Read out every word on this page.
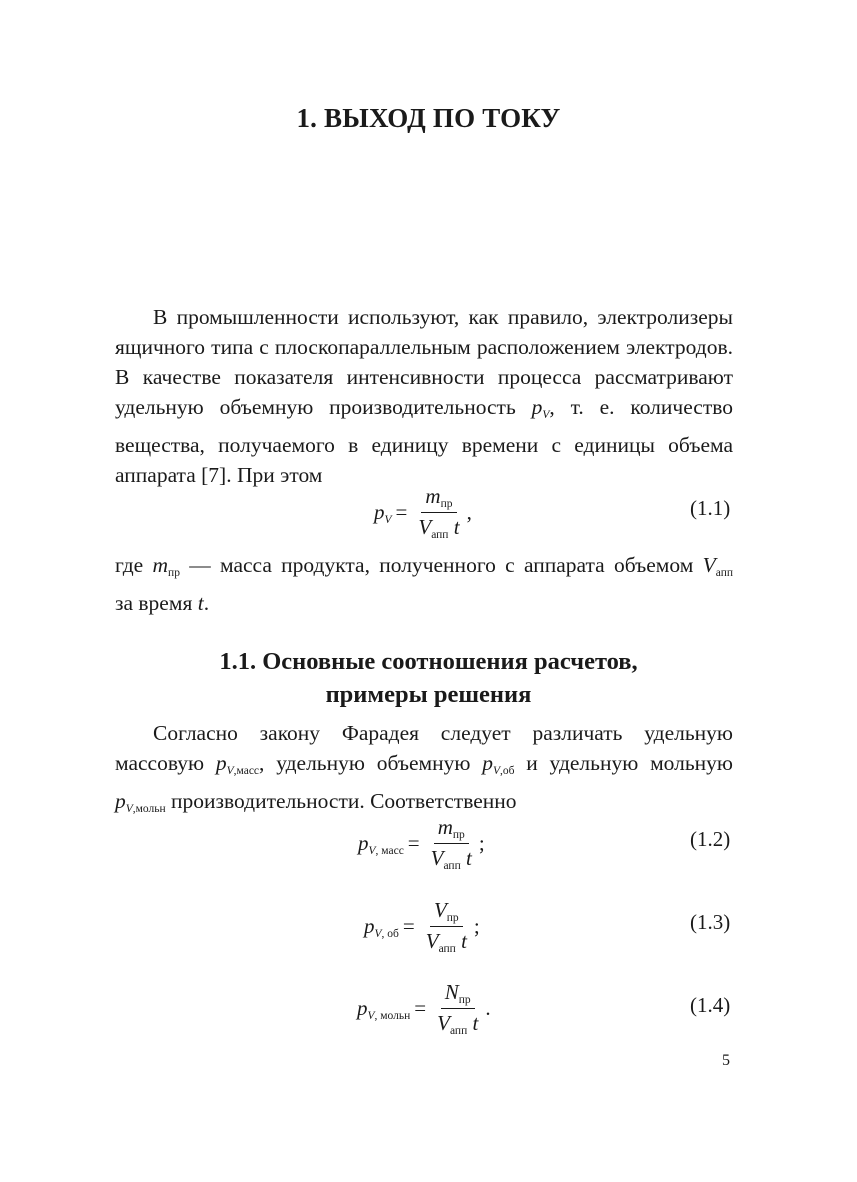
1. ВЫХОД ПО ТОКУ

В промышленности используют, как правило, электролизеры ящичного типа с плоскопараллельным расположением электродов. В качестве показателя интенсивности процесса рассматривают удельную объемную производительность $p_V$, т. е. количество вещества, получаемого в единицу времени с единицы объема аппарата [7]. При этом

$p_V = \frac{m_{пр}}{V_{апп} t}$ ,	(1.1)

где $m_{пр}$ — масса продукта, полученного с аппарата объемом $V_{апп}$

за время t.

1.1. Основные соотношения расчетов,
примеры решения

Согласно закону Фарадея следует различать удельную массовую $p_{V,масс}$, удельную объемную $p_{V,об}$ и удельную мольную $p_{V,мольн}$ производительности. Соответственно

$p_{V, масс} = \frac{m_{пр}}{V_{апп} t}$ ;	(1.2)
$p_{V, об} = \frac{V_{пр}}{V_{апп} t}$ ;	(1.3)
$p_{V, мольн} = \frac{N_{пр}}{V_{апп} t}$ .	(1.4)
5
